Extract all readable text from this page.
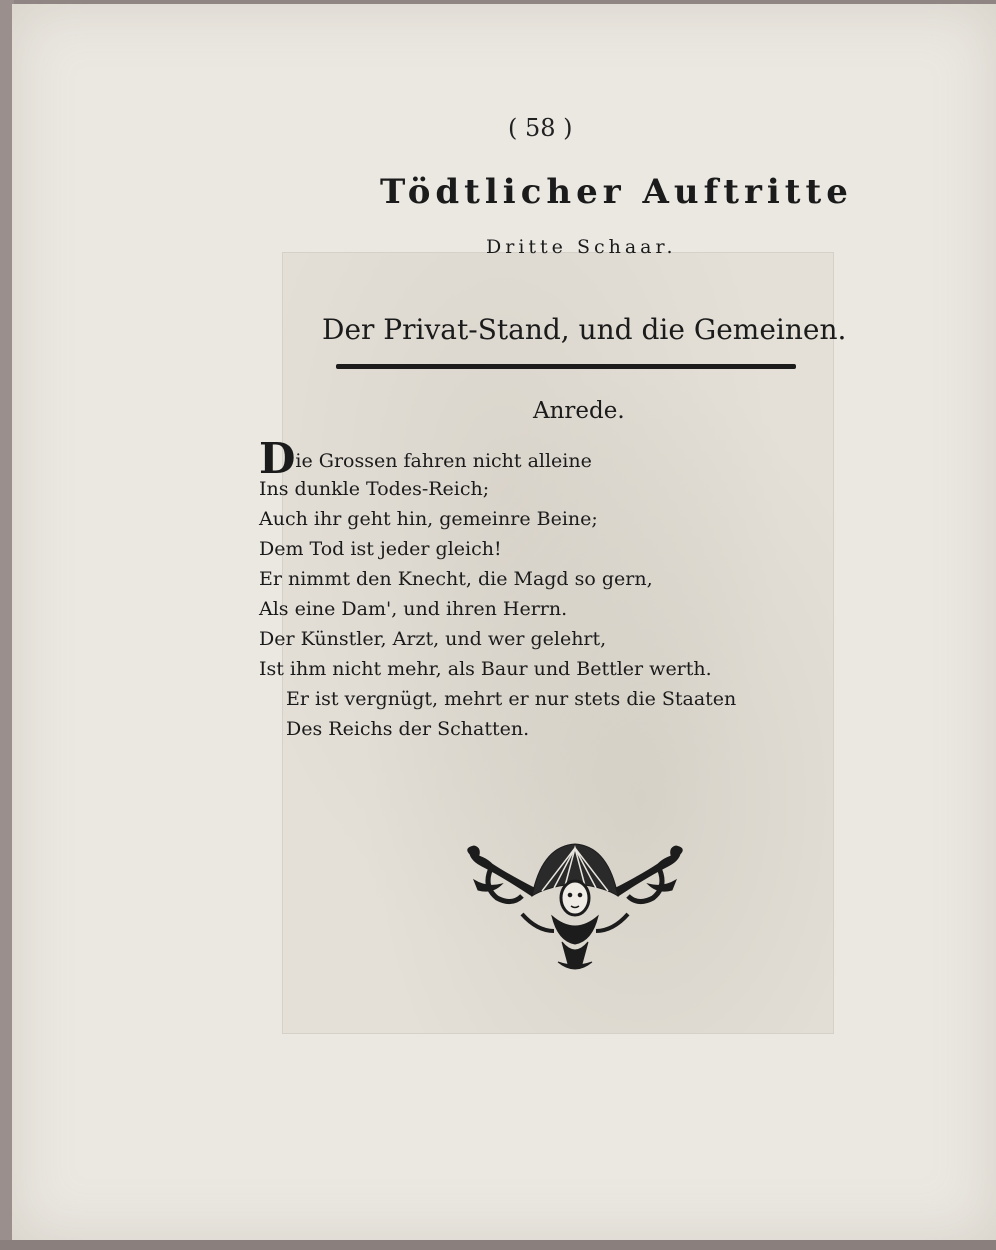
( 58 )
Tödtlicher Auftritte
Dritte Schaar.
Der Privat-Stand, und die Gemeinen.
Anrede.
Die Grossen fahren nicht alleine
Ins dunkle Todes-Reich;
Auch ihr geht hin, gemeinre Beine;
Dem Tod ist jeder gleich!
Er nimmt den Knecht, die Magd so gern,
Als eine Dam', und ihren Herrn.
Der Künstler, Arzt, und wer gelehrt,
Ist ihm nicht mehr, als Baur und Bettler werth.
Er ist vergnügt, mehrt er nur stets die Staaten
Des Reichs der Schatten.
